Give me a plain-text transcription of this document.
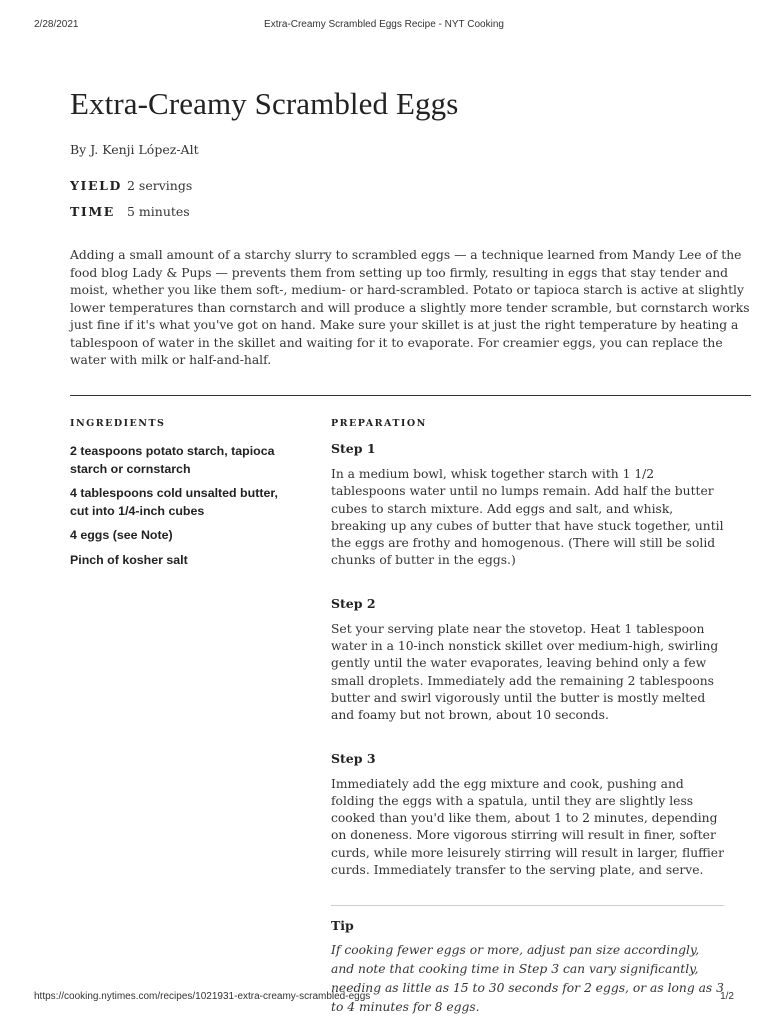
2/28/2021	Extra-Creamy Scrambled Eggs Recipe - NYT Cooking
Extra-Creamy Scrambled Eggs
By J. Kenji López-Alt
YIELD 2 servings
TIME 5 minutes
Adding a small amount of a starchy slurry to scrambled eggs — a technique learned from Mandy Lee of the food blog Lady & Pups — prevents them from setting up too firmly, resulting in eggs that stay tender and moist, whether you like them soft-, medium- or hard-scrambled. Potato or tapioca starch is active at slightly lower temperatures than cornstarch and will produce a slightly more tender scramble, but cornstarch works just fine if it's what you've got on hand. Make sure your skillet is at just the right temperature by heating a tablespoon of water in the skillet and waiting for it to evaporate. For creamier eggs, you can replace the water with milk or half-and-half.
INGREDIENTS
2 teaspoons potato starch, tapioca starch or cornstarch
4 tablespoons cold unsalted butter, cut into 1/4-inch cubes
4 eggs (see Note)
Pinch of kosher salt
PREPARATION
Step 1
In a medium bowl, whisk together starch with 1 1/2 tablespoons water until no lumps remain. Add half the butter cubes to starch mixture. Add eggs and salt, and whisk, breaking up any cubes of butter that have stuck together, until the eggs are frothy and homogenous. (There will still be solid chunks of butter in the eggs.)
Step 2
Set your serving plate near the stovetop. Heat 1 tablespoon water in a 10-inch nonstick skillet over medium-high, swirling gently until the water evaporates, leaving behind only a few small droplets. Immediately add the remaining 2 tablespoons butter and swirl vigorously until the butter is mostly melted and foamy but not brown, about 10 seconds.
Step 3
Immediately add the egg mixture and cook, pushing and folding the eggs with a spatula, until they are slightly less cooked than you'd like them, about 1 to 2 minutes, depending on doneness. More vigorous stirring will result in finer, softer curds, while more leisurely stirring will result in larger, fluffier curds. Immediately transfer to the serving plate, and serve.
Tip
If cooking fewer eggs or more, adjust pan size accordingly, and note that cooking time in Step 3 can vary significantly, needing as little as 15 to 30 seconds for 2 eggs, or as long as 3 to 4 minutes for 8 eggs.
https://cooking.nytimes.com/recipes/1021931-extra-creamy-scrambled-eggs	1/2
